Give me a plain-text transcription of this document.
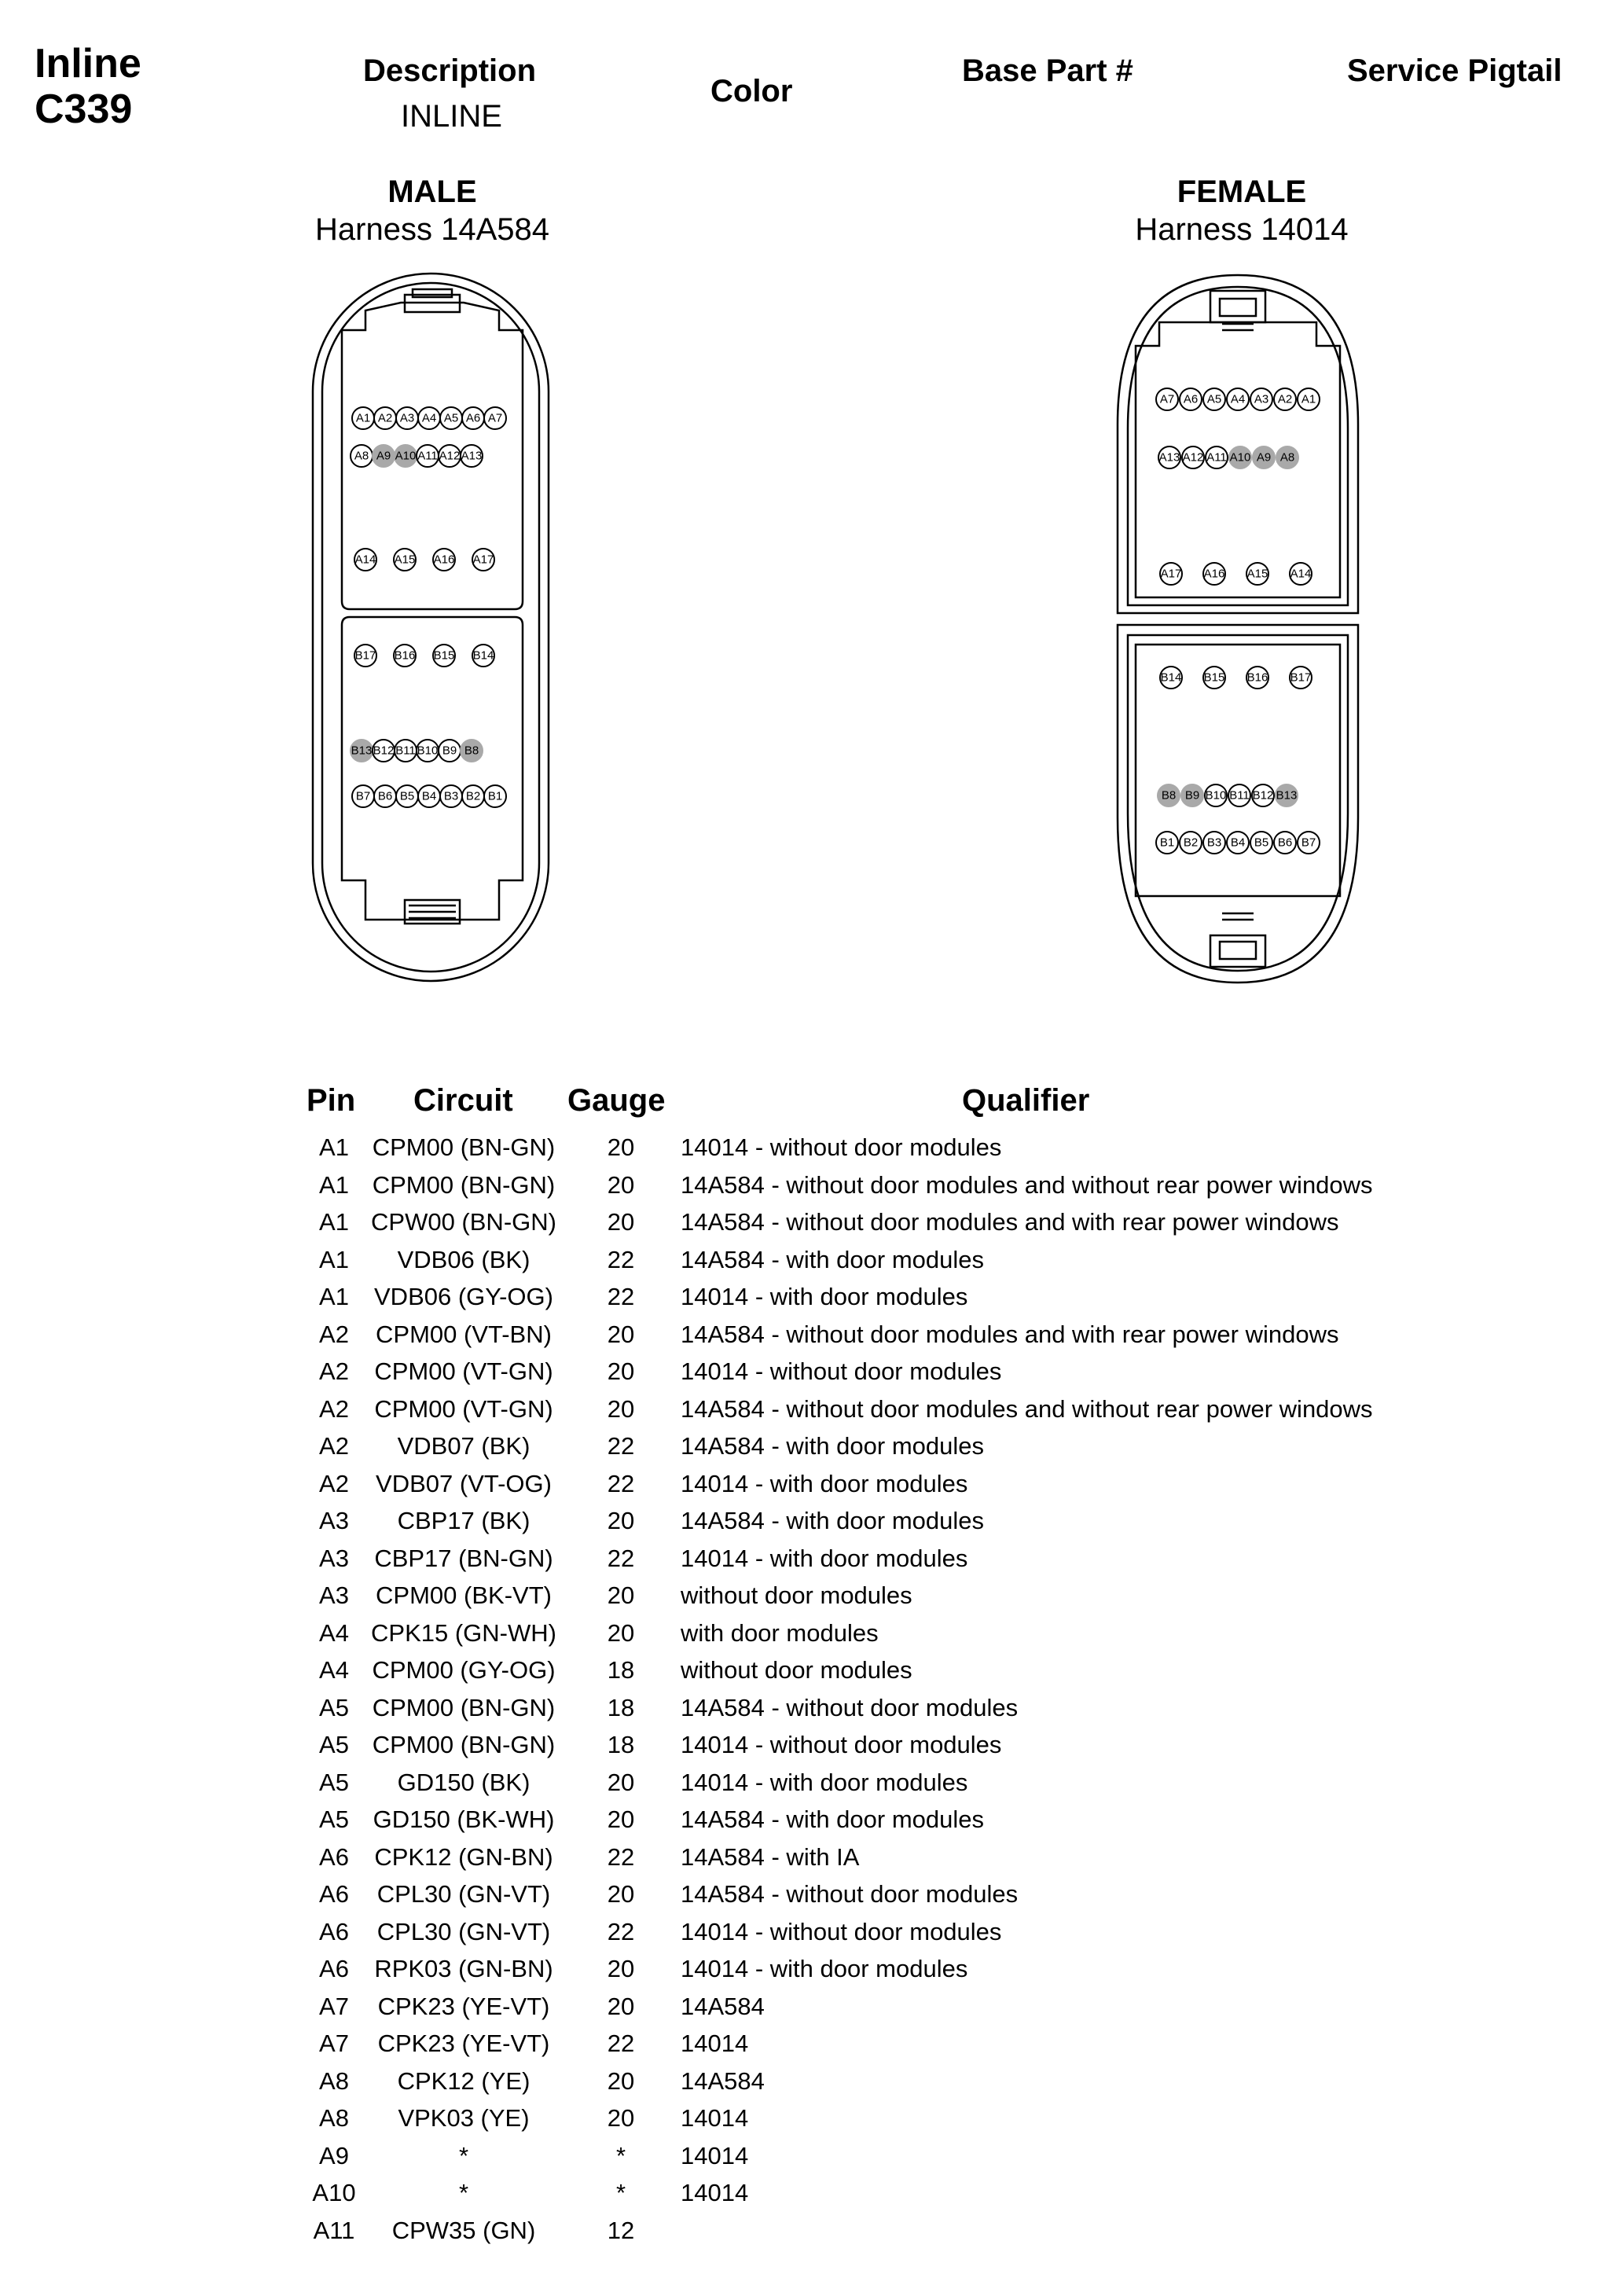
Inline
C339
Description
INLINE
Color
Base Part #	Service Pigtail
MALE
Harness 14A584
FEMALE
Harness 14014
A1 A2 A3 A4 A5 A6 A7
A8 A9 A10 A11 A12 A13
A14 A15 A16 A17
B17 B16 B15 B14
B13 B12 B11 B10 B9 B8
B7 B6 B5 B4 B3 B2 B1
A7 A6 A5 A4 A3 A2 A1
A13 A12 A11 A10 A9 A8
A17 A16 A15 A14
B14 B15 B16 B17
B8 B9 B10 B11 B12 B13
B1 B2 B3 B4 B5 B6 B7
Pin Circuit Gauge	Qualifier
A1 CPM00 (BN-GN)	20	14014 - without door modules
A1 CPM00 (BN-GN)	20	14A584 - without door modules and without rear power windows
A1 CPW00 (BN-GN)	20	14A584 - without door modules and with rear power windows
A1	VDB06 (BK)	22	14A584 - with door modules
A1	VDB06 (GY-OG)	22	14014 - with door modules
A2	CPM00 (VT-BN)	20	14A584 - without door modules and with rear power windows
A2	CPM00 (VT-GN)	20	14014 - without door modules
A2	CPM00 (VT-GN)	20	14A584 - without door modules and without rear power windows
A2	VDB07 (BK)	22	14A584 - with door modules
A2	VDB07 (VT-OG)	22	14014 - with door modules
A3	CBP17 (BK)	20	14A584 - with door modules
A3	CBP17 (BN-GN)	22	14014 - with door modules
A3	CPM00 (BK-VT)	20	without door modules
A4 CPK15 (GN-WH)	20	with door modules
A4 CPM00 (GY-OG)	18	without door modules
A5 CPM00 (BN-GN)	18	14A584 - without door modules
A5 CPM00 (BN-GN)	18	14014 - without door modules
A5	GD150 (BK)	20	14014 - with door modules
A5 GD150 (BK-WH)	20	14A584 - with door modules
A6	CPK12 (GN-BN)	22	14A584 - with IA
A6	CPL30 (GN-VT)	20	14A584 - without door modules
A6	CPL30 (GN-VT)	22	14014 - without door modules
A6	RPK03 (GN-BN)	20	14014 - with door modules
A7	CPK23 (YE-VT)	20	14A584
A7	CPK23 (YE-VT)	22	14014
A8	CPK12 (YE)	20	14A584
A8	VPK03 (YE)	20	14014
A9	*	*	14014
A10	*	*	14014
A11	CPW35 (GN)	12
